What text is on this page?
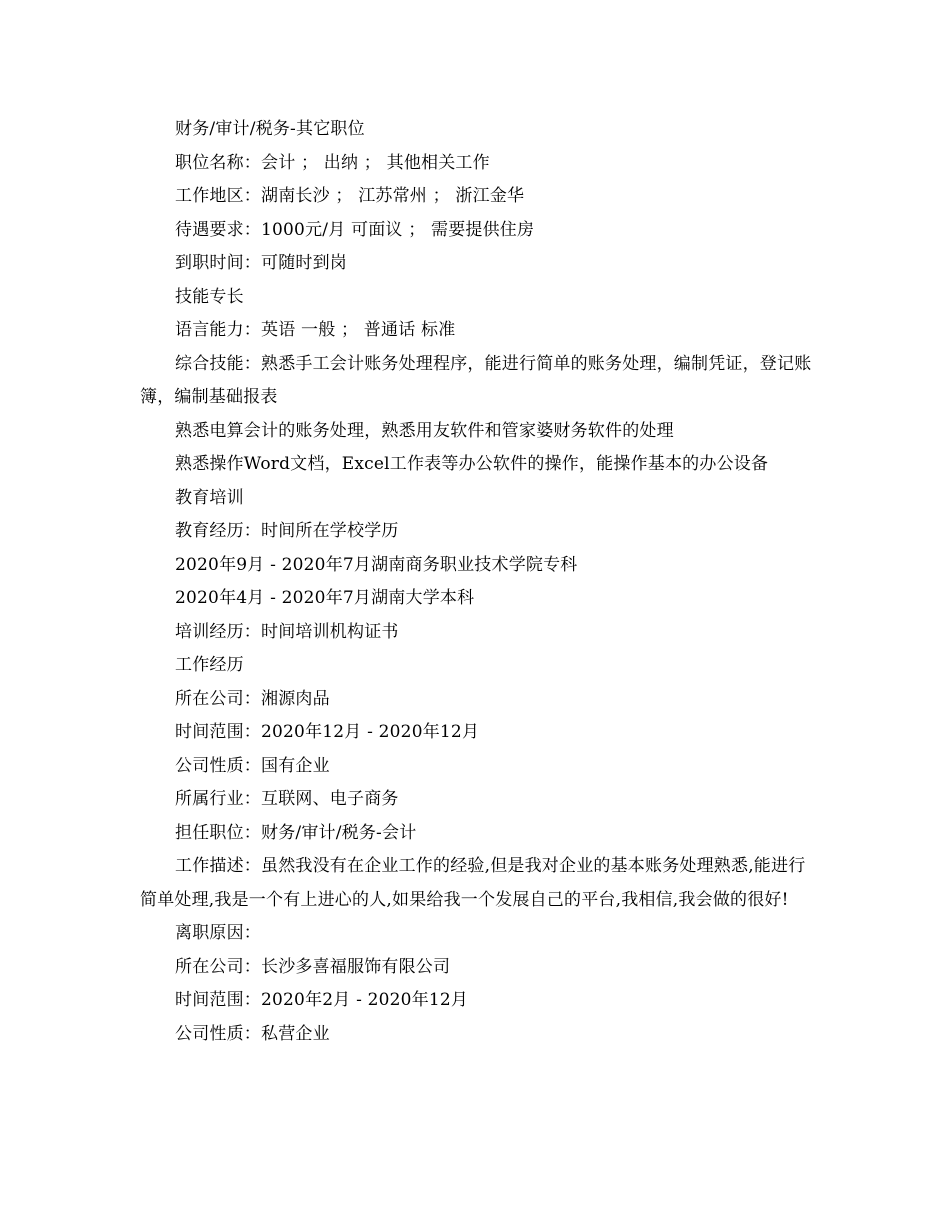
财务/审计/税务-其它职位

职位名称：会计 ； 出纳 ； 其他相关工作

工作地区：湖南长沙 ； 江苏常州 ； 浙江金华

待遇要求：1000元/月 可面议 ； 需要提供住房

到职时间：可随时到岗

技能专长

语言能力：英语 一般 ； 普通话 标准

综合技能：熟悉手工会计账务处理程序，能进行简单的账务处理，编制凭证，登记账簿，编制基础报表

熟悉电算会计的账务处理，熟悉用友软件和管家婆财务软件的处理

熟悉操作Word文档，Excel工作表等办公软件的操作，能操作基本的办公设备

教育培训

教育经历：时间所在学校学历

2020年9月 - 2020年7月湖南商务职业技术学院专科

2020年4月 - 2020年7月湖南大学本科

培训经历：时间培训机构证书

工作经历

所在公司：湘源肉品

时间范围：2020年12月 - 2020年12月

公司性质：国有企业

所属行业：互联网、电子商务

担任职位：财务/审计/税务-会计

工作描述：虽然我没有在企业工作的经验,但是我对企业的基本账务处理熟悉,能进行简单处理,我是一个有上进心的人,如果给我一个发展自己的平台,我相信,我会做的很好!

离职原因：

所在公司：长沙多喜福服饰有限公司

时间范围：2020年2月 - 2020年12月

公司性质：私营企业
